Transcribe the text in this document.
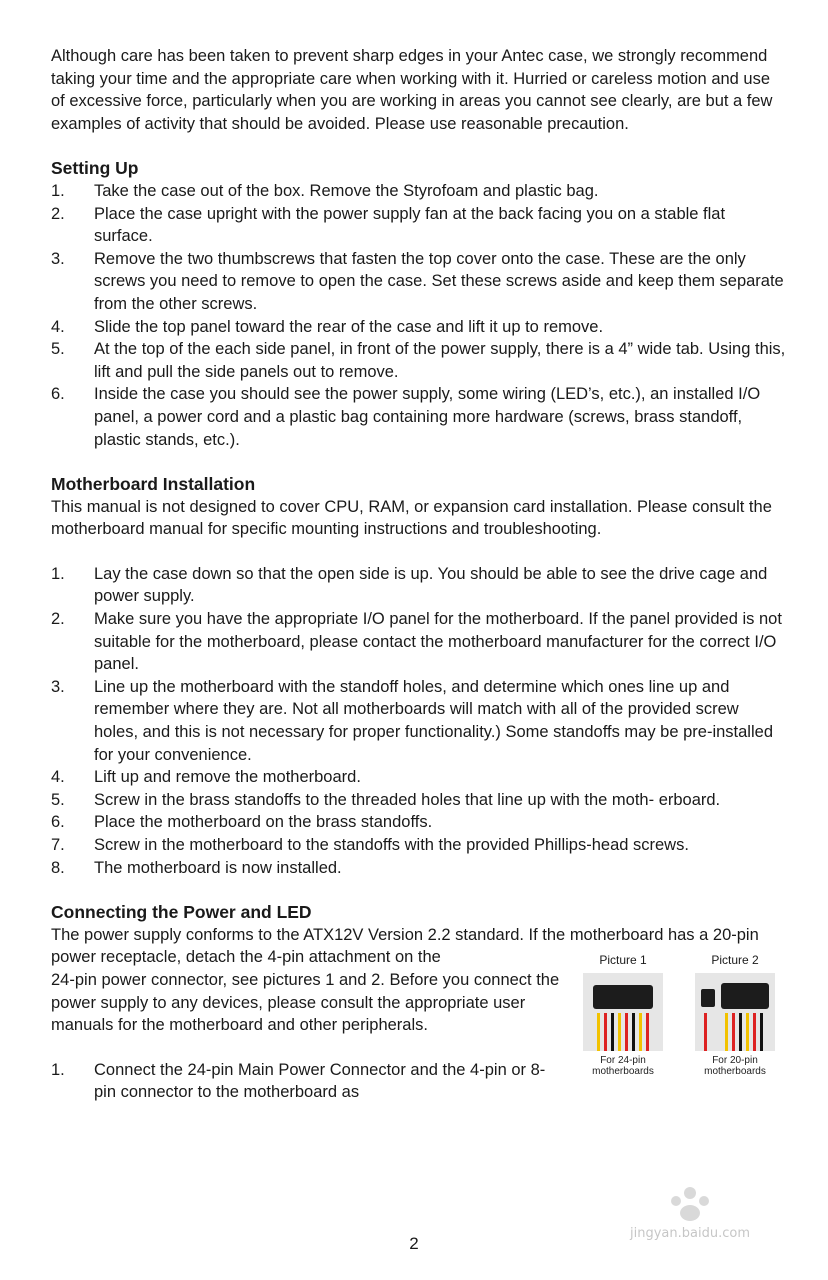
Although care has been taken to prevent sharp edges in your Antec case, we strongly recommend taking your time and the appropriate care when working with it. Hurried or careless motion and use of excessive force, particularly when you are working in areas you cannot see clearly, are but a few examples of activity that should be avoided. Please use reasonable precaution.

Setting Up
1. Take the case out of the box. Remove the Styrofoam and plastic bag.
2. Place the case upright with the power supply fan at the back facing you on a stable flat surface.
3. Remove the two thumbscrews that fasten the top cover onto the case. These are the only screws you need to remove to open the case. Set these screws aside and keep them separate from the other screws.
4. Slide the top panel toward the rear of the case and lift it up to remove.
5. At the top of the each side panel, in front of the power supply, there is a 4” wide tab. Using this, lift and pull the side panels out to remove.
6. Inside the case you should see the power supply, some wiring (LED’s, etc.), an installed I/O panel, a power cord and a plastic bag containing more hardware (screws, brass standoff, plastic stands, etc.).
Motherboard Installation

This manual is not designed to cover CPU, RAM, or expansion card installation. Please consult the motherboard manual for specific mounting instructions and troubleshooting.

1. Lay the case down so that the open side is up. You should be able to see the drive cage and power supply.
2. Make sure you have the appropriate I/O panel for the motherboard. If the panel provided is not suitable for the motherboard, please contact the motherboard manufacturer for the correct I/O panel.
3. Line up the motherboard with the standoff holes, and determine which ones line up and remember where they are. Not all motherboards will match with all of the provided screw holes, and this is not necessary for proper functionality.) Some standoffs may be pre-installed for your convenience.
4. Lift up and remove the motherboard.
5. Screw in the brass standoffs to the threaded holes that line up with the moth- erboard.
6. Place the motherboard on the brass standoffs.
7. Screw in the motherboard to the standoffs with the provided Phillips-head screws.
8. The motherboard is now installed.
Connecting the Power and LED

The power supply conforms to the ATX12V Version 2.2 standard. If the motherboard has a 20-pin power receptacle, detach the 4-pin attachment on the

24-pin power connector, see pictures 1 and 2. Before you connect the power supply to any devices, please consult the appropriate user manuals for the motherboard and other peripherals.

1. Connect the 24-pin Main Power Connector and the 4-pin or 8-pin connector to the motherboard as
Picture 1
For 24-pin motherboards
Picture 2
For 20-pin motherboards
2
jingyan.baidu.com
